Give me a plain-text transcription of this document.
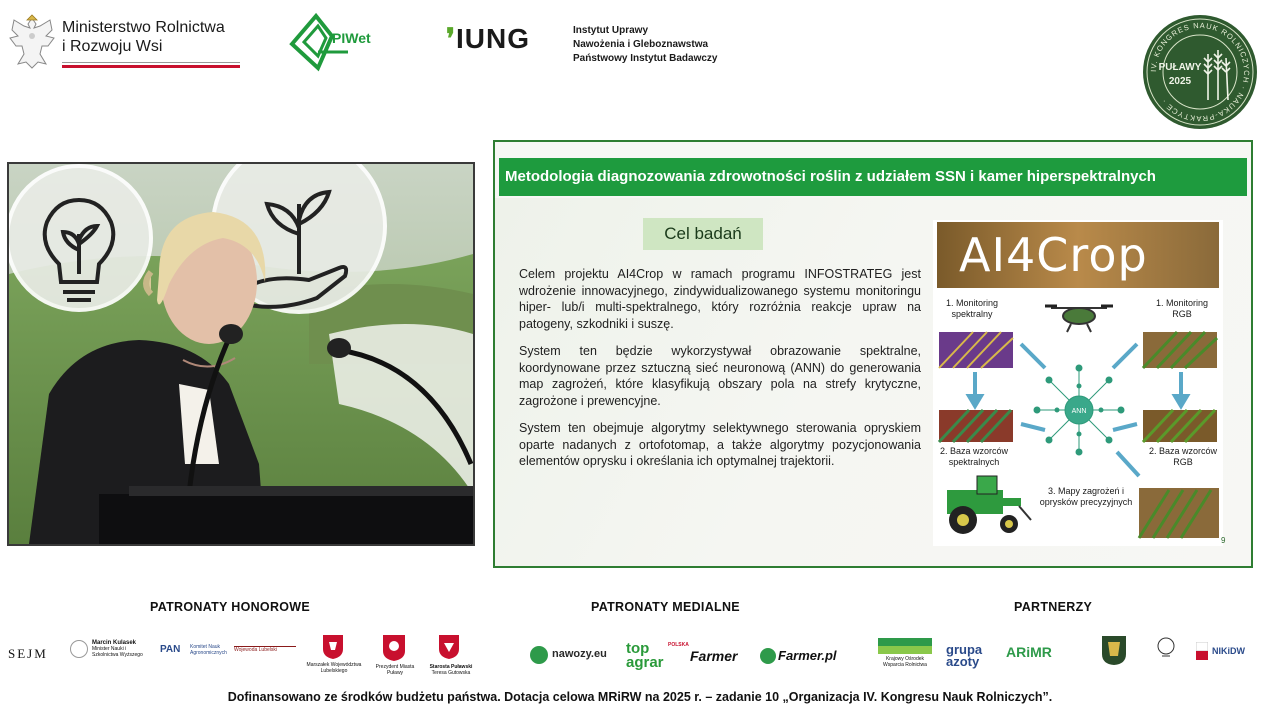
Ministerstwo Rolnictwa
i Rozwoju Wsi	PIWet	❜IUNG	Instytut Uprawy
Nawożenia i Gleboznawstwa
Państwowy Instytut Badawczy
IV. KONGRES NAUK ROLNICZYCH · NAUKA-PRAKTYCE ·
PUŁAWY
2025
Metodologia diagnozowania zdrowotności roślin z udziałem SSN i kamer hiperspektralnych
Cel badań

Celem projektu AI4Crop w ramach programu INFOSTRATEG jest wdrożenie innowacyjnego, zindywidualizowanego systemu monitoringu hiper- lub/i multi-spektralnego, który rozróżnia reakcje upraw na patogeny, szkodniki i suszę.

System ten będzie wykorzystywał obrazowanie spektralne, koordynowane przez sztuczną sieć neuronową (ANN) do generowania map zagrożeń, które klasyfikują obszary pola na strefy krytyczne, zagrożone i prewencyjne.

System ten obejmuje algorytmy selektywnego sterowania opryskiem oparte nadanych z ortofotomap, a także algorytmy pozycjonowania elementów oprysku i określania ich optymalnej trajektorii.

AI4Crop
ANN
1. Monitoring
spektralny
1. Monitoring
RGB
2. Baza wzorców
spektralnych
2. Baza wzorców
RGB
3. Mapy zagrożeń i
oprysków precyzyjnych
9
PATRONATY HONOROWE	PATRONATY MEDIALNE	PARTNERZY
SEJM
Marcin Kulasek
Minister Nauki i Szkolnictwa Wyższego	PAN Komitet Nauk Agronomicznych Wojewoda Lubelski
Marszałek Województwa Lubelskiego
Prezydent Miasta Puławy
Starosta Puławski
Teresa Gutowska
nawozy.eu top agrar
POLSKA
Farmer	Farmer.pl	Krajowy Ośrodek Wsparcia Rolnictwa
grupa azoty
ARiMR	NIKiDW
Dofinansowano ze środków budżetu państwa. Dotacja celowa MRiRW na 2025 r. – zadanie 10 „Organizacja IV. Kongresu Nauk Rolniczych”.
